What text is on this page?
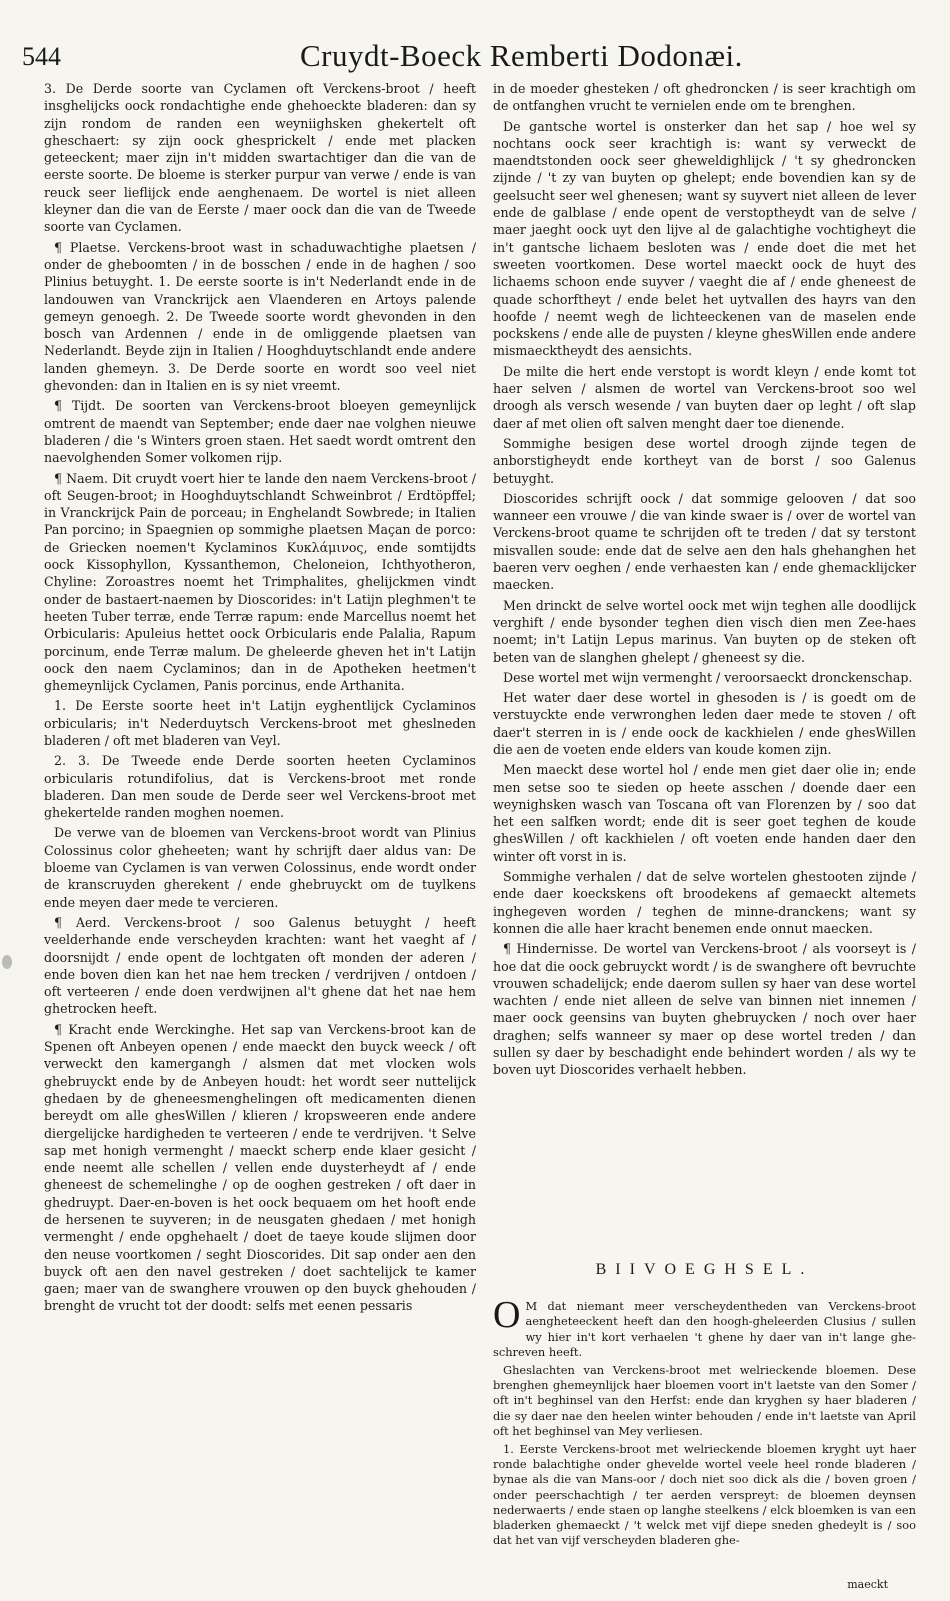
544	Cruydt-Boeck Remberti Dodonæi.

3. De Derde soorte van Cyclamen oft Verckens-broot / heeft insghelijcks oock rondachtighe ende ghehoeckte bladeren: dan sy zijn rondom de randen een weyniighsken ghekertelt oft gheschaert: sy zijn oock ghesprickelt / ende met placken geteeckent; maer zijn in't midden swartachtiger dan die van de eerste soorte. De bloeme is sterker purpur van verwe / ende is van reuck seer lieflijck ende aenghenaem. De wortel is niet alleen kleyner dan die van de Eerste / maer oock dan die van de Tweede soorte van Cyclamen.

¶ Plaetse. Verckens-broot wast in schaduwachtighe plaetsen / onder de gheboomten / in de bosschen / ende in de haghen / soo Plinius betuyght. 1. De eerste soorte is in't Nederlandt ende in de landouwen van Vranckrijck aen Vlaenderen en Artoys palende gemeyn genoegh. 2. De Tweede soorte wordt ghevonden in den bosch van Ardennen / ende in de omliggende plaetsen van Nederlandt. Beyde zijn in Italien / Hooghduytschlandt ende andere landen ghemeyn. 3. De Derde soorte en wordt soo veel niet ghevonden: dan in Italien en is sy niet vreemt.

¶ Tijdt. De soorten van Verckens-broot bloeyen gemeynlijck omtrent de maendt van September; ende daer nae volghen nieuwe bladeren / die 's Winters groen staen. Het saedt wordt omtrent den naevolghenden Somer volkomen rijp.

¶ Naem. Dit cruydt voert hier te lande den naem Verckens-broot / oft Seugen-broot; in Hooghduytschlandt Schweinbrot / Erdtöpffel; in Vranckrijck Pain de porceau; in Enghelandt Sowbrede; in Italien Pan porcino; in Spaegnien op sommighe plaetsen Maçan de porco: de Griecken noemen't Kyclaminos Κυκλάμινος, ende somtijdts oock Kissophyllon, Kyssanthemon, Cheloneion, Ichthyotheron, Chyline: Zoroastres noemt het Trimphalites, ghelijckmen vindt onder de bastaert-naemen by Dioscorides: in't Latijn pleghmen't te heeten Tuber terræ, ende Terræ rapum: ende Marcellus noemt het Orbicularis: Apuleius hettet oock Orbicularis ende Palalia, Rapum porcinum, ende Terræ malum. De gheleerde gheven het in't Latijn oock den naem Cyclaminos; dan in de Apotheken heetmen't ghemeynlijck Cyclamen, Panis porcinus, ende Arthanita.

1. De Eerste soorte heet in't Latijn eyghentlijck Cyclaminos orbicularis; in't Nederduytsch Verckens-broot met gheslneden bladeren / oft met bladeren van Veyl.

2. 3. De Tweede ende Derde soorten heeten Cyclaminos orbicularis rotundifolius, dat is Verckens-broot met ronde bladeren. Dan men soude de Derde seer wel Verckens-broot met ghekertelde randen moghen noemen.

De verwe van de bloemen van Verckens-broot wordt van Plinius Colossinus color gheheeten; want hy schrijft daer aldus van: De bloeme van Cyclamen is van verwen Colossinus, ende wordt onder de kranscruyden gherekent / ende ghebruyckt om de tuylkens ende meyen daer mede te vercieren.

¶ Aerd. Verckens-broot / soo Galenus betuyght / heeft veelderhande ende verscheyden krachten: want het vaeght af / doorsnijdt / ende opent de lochtgaten oft monden der aderen / ende boven dien kan het nae hem trecken / verdrijven / ontdoen / oft verteeren / ende doen verdwijnen al't ghene dat het nae hem ghetrocken heeft.

¶ Kracht ende Werckinghe. Het sap van Verckens-broot kan de Spenen oft Anbeyen openen / ende maeckt den buyck weeck / oft verweckt den kamergangh / alsmen dat met vlocken wols ghebruyckt ende by de Anbeyen houdt: het wordt seer nuttelijck ghedaen by de gheneesmenghelingen oft medicamenten dienen bereydt om alle ghesWillen / klieren / kropsweeren ende andere diergelijcke hardigheden te verteeren / ende te verdrijven. 't Selve sap met honigh vermenght / maeckt scherp ende klaer gesicht / ende neemt alle schellen / vellen ende duysterheydt af / ende gheneest de schemelinghe / op de ooghen gestreken / oft daer in ghedruypt. Daer-en-boven is het oock bequaem om het hooft ende de hersenen te suyveren; in de neusgaten ghedaen / met honigh vermenght / ende opghehaelt / doet de taeye koude slijmen door den neuse voortkomen / seght Dioscorides. Dit sap onder aen den buyck oft aen den navel gestreken / doet sachtelijck te kamer gaen; maer van de swanghere vrouwen op den buyck ghehouden / brenght de vrucht tot der doodt: selfs met eenen pessaris

in de moeder ghesteken / oft ghedroncken / is seer krachtigh om de ontfanghen vrucht te vernielen ende om te brenghen.

De gantsche wortel is onsterker dan het sap / hoe wel sy nochtans oock seer krachtigh is: want sy verweckt de maendtstonden oock seer gheweldighlijck / 't sy ghedroncken zijnde / 't zy van buyten op ghelept; ende bovendien kan sy de geelsucht seer wel ghenesen; want sy suyvert niet alleen de lever ende de galblase / ende opent de verstoptheydt van de selve / maer jaeght oock uyt den lijve al de galachtighe vochtigheyt die in't gantsche lichaem besloten was / ende doet die met het sweeten voortkomen. Dese wortel maeckt oock de huyt des lichaems schoon ende suyver / vaeght die af / ende gheneest de quade schorftheyt / ende belet het uytvallen des hayrs van den hoofde / neemt wegh de lichteeckenen van de maselen ende pockskens / ende alle de puysten / kleyne ghesWillen ende andere mismaecktheydt des aensichts.

De milte die hert ende verstopt is wordt kleyn / ende komt tot haer selven / alsmen de wortel van Verckens-broot soo wel droogh als versch wesende / van buyten daer op leght / oft slap daer af met olien oft salven menght daer toe dienende.

Sommighe besigen dese wortel droogh zijnde tegen de anborstigheydt ende kortheyt van de borst / soo Galenus betuyght.

Dioscorides schrijft oock / dat sommige gelooven / dat soo wanneer een vrouwe / die van kinde swaer is / over de wortel van Verckens-broot quame te schrijden oft te treden / dat sy terstont misvallen soude: ende dat de selve aen den hals ghehanghen het baeren verv oeghen / ende verhaesten kan / ende ghemacklijcker maecken.

Men drinckt de selve wortel oock met wijn teghen alle doodlijck verghift / ende bysonder teghen dien visch dien men Zee-haes noemt; in't Latijn Lepus marinus. Van buyten op de steken oft beten van de slanghen ghelept / gheneest sy die.

Dese wortel met wijn vermenght / veroorsaeckt dronckenschap.

Het water daer dese wortel in ghesoden is / is goedt om de verstuyckte ende verwronghen leden daer mede te stoven / oft daer't sterren in is / ende oock de kackhielen / ende ghesWillen die aen de voeten ende elders van koude komen zijn.

Men maeckt dese wortel hol / ende men giet daer olie in; ende men setse soo te sieden op heete asschen / doende daer een weynighsken wasch van Toscana oft van Florenzen by / soo dat het een salfken wordt; ende dit is seer goet teghen de koude ghesWillen / oft kackhielen / oft voeten ende handen daer den winter oft vorst in is.

Sommighe verhalen / dat de selve wortelen ghestooten zijnde / ende daer koeckskens oft broodekens af gemaeckt altemets inghegeven worden / teghen de minne-dranckens; want sy konnen die alle haer kracht benemen ende onnut maecken.

¶ Hindernisse. De wortel van Verckens-broot / als voorseyt is / hoe dat die oock gebruyckt wordt / is de swanghere oft bevruchte vrouwen schadelijck; ende daerom sullen sy haer van dese wortel wachten / ende niet alleen de selve van binnen niet innemen / maer oock geensins van buyten ghebruycken / noch over haer draghen; selfs wanneer sy maer op dese wortel treden / dan sullen sy daer by beschadight ende behindert worden / als wy te boven uyt Dioscorides verhaelt hebben.

BIIVOEGHSEL.

O M dat niemant meer verscheydentheden van Verckens-broot aengheteeckent heeft dan den hoogh-gheleerden Clusius / sullen wy hier in't kort verhaelen 't ghene hy daer van in't lange ghe-schreven heeft.

Gheslachten van Verckens-broot met welrieckende bloemen. Dese brenghen ghemeynlijck haer bloemen voort in't laetste van den Somer / oft in't beghinsel van den Herfst: ende dan kryghen sy haer bladeren / die sy daer nae den heelen winter behouden / ende in't laetste van April oft het beghinsel van Mey verliesen.

1. Eerste Verckens-broot met welrieckende bloemen kryght uyt haer ronde balachtighe onder ghevelde wortel veele heel ronde bladeren / bynae als die van Mans-oor / doch niet soo dick als die / boven groen / onder peerschachtigh / ter aerden verspreyt: de bloemen deynsen nederwaerts / ende staen op langhe steelkens / elck bloemken is van een bladerken ghemaeckt / 't welck met vijf diepe sneden ghedeylt is / soo dat het van vijf verscheyden bladeren ghe-

maeckt
